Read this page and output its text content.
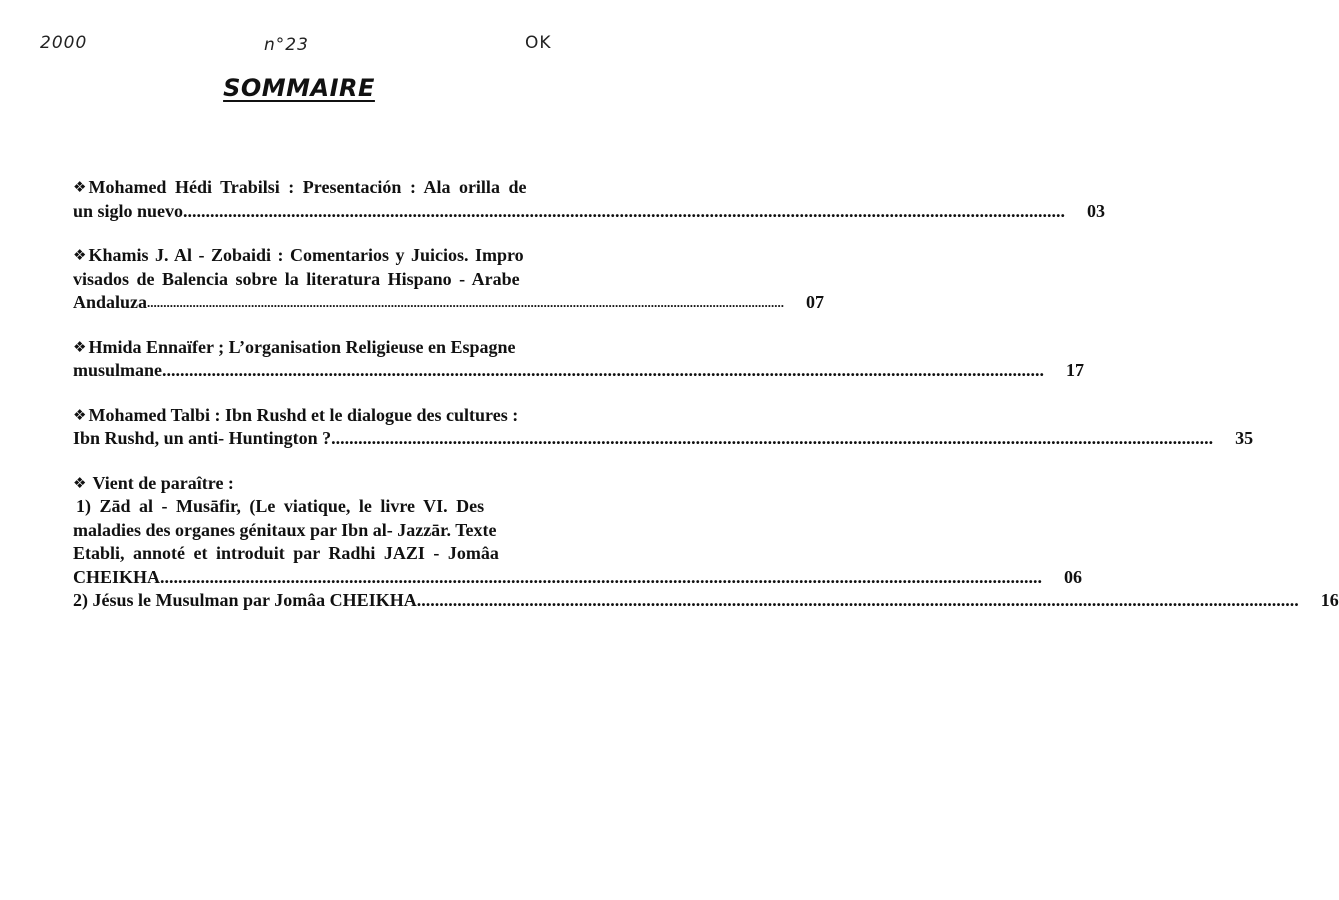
2000	n°23	OK
SOMMAIRE
❖ Mohamed Hédi Trabilsi : Presentación : Ala orilla de
un siglo nuevo .....	03
❖ Khamis J. Al - Zobaidi : Comentarios y Juicios. Impro
visados de Balencia sobre la literatura Hispano - Arabe
Andaluza .....	07
❖ Hmida Ennaïfer ; L’organisation Religieuse en Espagne
musulmane .....	17
❖ Mohamed Talbi : Ibn Rushd et le dialogue des cultures :
Ibn Rushd, un anti- Huntington ? .....	35
❖ Vient de paraître :
1) Zād al - Musāfir, (Le viatique, le livre VI. Des
maladies des organes génitaux par Ibn al- Jazzār. Texte
Etabli, annoté et introduit par Radhi JAZI - Jomâa
CHEIKHA .....	06
2) Jésus le Musulman par Jomâa CHEIKHA .....	16
